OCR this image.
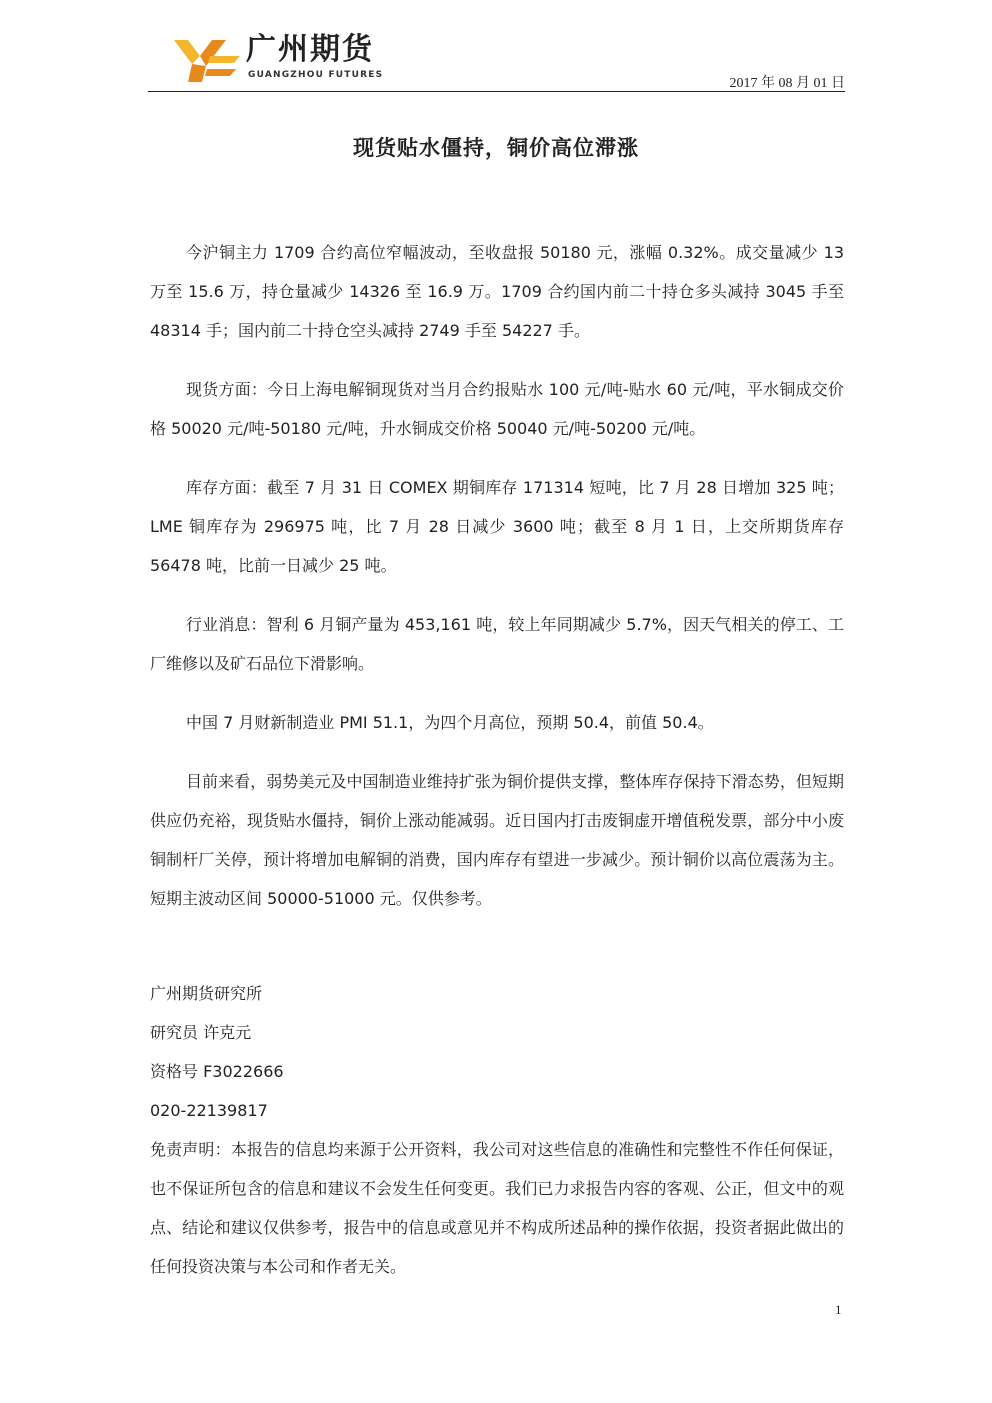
广州期货
GUANGZHOU FUTURES
2017 年 08 月 01 日
现货贴水僵持，铜价高位滞涨

今沪铜主力 1709 合约高位窄幅波动，至收盘报 50180 元，涨幅 0.32%。成交量减少 13 万至 15.6 万，持仓量减少 14326 至 16.9 万。1709 合约国内前二十持仓多头减持 3045 手至 48314 手；国内前二十持仓空头减持 2749 手至 54227 手。

现货方面：今日上海电解铜现货对当月合约报贴水 100 元/吨-贴水 60 元/吨，平水铜成交价格 50020 元/吨-50180 元/吨，升水铜成交价格 50040 元/吨-50200 元/吨。

库存方面：截至 7 月 31 日 COMEX 期铜库存 171314 短吨，比 7 月 28 日增加 325 吨；LME 铜库存为 296975 吨，比 7 月 28 日减少 3600 吨；截至 8 月 1 日，上交所期货库存 56478 吨，比前一日减少 25 吨。

行业消息：智利 6 月铜产量为 453,161 吨，较上年同期减少 5.7%，因天气相关的停工、工厂维修以及矿石品位下滑影响。

中国 7 月财新制造业 PMI 51.1，为四个月高位，预期 50.4，前值 50.4。

目前来看，弱势美元及中国制造业维持扩张为铜价提供支撑，整体库存保持下滑态势，但短期供应仍充裕，现货贴水僵持，铜价上涨动能减弱。近日国内打击废铜虚开增值税发票，部分中小废铜制杆厂关停，预计将增加电解铜的消费，国内库存有望进一步减少。预计铜价以高位震荡为主。短期主波动区间 50000-51000 元。仅供参考。

广州期货研究所
研究员 许克元
资格号 F3022666
020-22139817

免责声明：本报告的信息均来源于公开资料，我公司对这些信息的准确性和完整性不作任何保证，也不保证所包含的信息和建议不会发生任何变更。我们已力求报告内容的客观、公正，但文中的观点、结论和建议仅供参考，报告中的信息或意见并不构成所述品种的操作依据，投资者据此做出的任何投资决策与本公司和作者无关。

1
